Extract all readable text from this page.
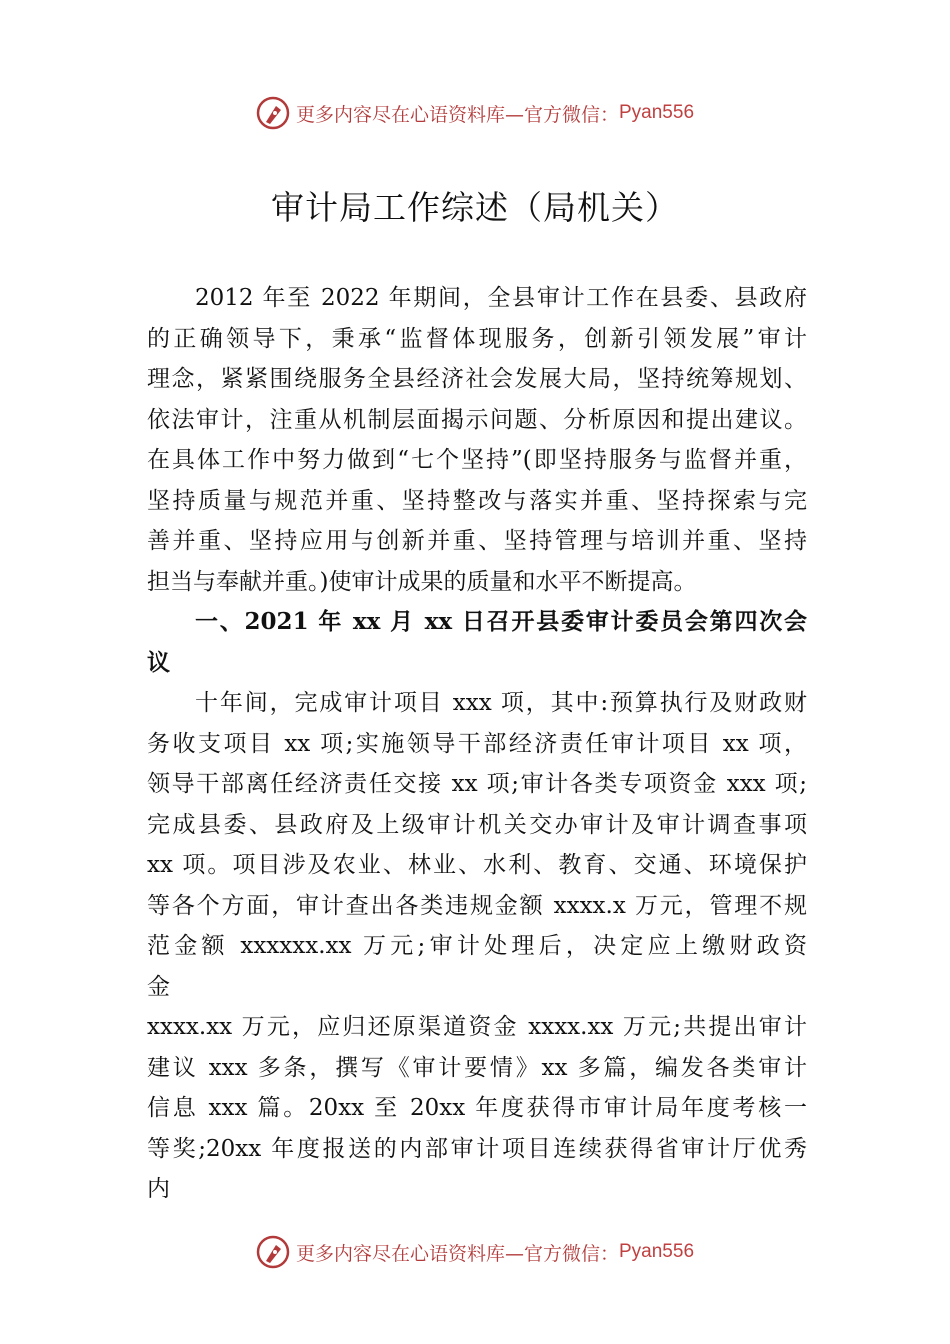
更多内容尽在心语资料库—官方微信： Pyan556
审计局工作综述（局机关）
2012 年至 2022 年期间，全县审计工作在县委、县政府
的正确领导下，秉承“监督体现服务，创新引领发展”审计
理念，紧紧围绕服务全县经济社会发展大局，坚持统筹规划、
依法审计，注重从机制层面揭示问题、分析原因和提出建议。
在具体工作中努力做到“七个坚持”(即坚持服务与监督并重，
坚持质量与规范并重、坚持整改与落实并重、坚持探索与完
善并重、坚持应用与创新并重、坚持管理与培训并重、坚持
担当与奉献并重。)使审计成果的质量和水平不断提高。
一、2021 年 xx 月 xx 日召开县委审计委员会第四次会
议
十年间，完成审计项目 xxx 项，其中:预算执行及财政财
务收支项目 xx 项;实施领导干部经济责任审计项目 xx 项，
领导干部离任经济责任交接 xx 项;审计各类专项资金 xxx 项;
完成县委、县政府及上级审计机关交办审计及审计调查事项
xx 项。项目涉及农业、林业、水利、教育、交通、环境保护
等各个方面，审计查出各类违规金额 xxxx.x 万元，管理不规
范金额 xxxxxx.xx 万元;审计处理后，决定应上缴财政资
金
xxxx.xx 万元，应归还原渠道资金 xxxx.xx 万元;共提出审计
建议 xxx 多条，撰写《审计要情》xx 多篇，编发各类审计
信息 xxx 篇。20xx 至 20xx 年度获得市审计局年度考核一
等奖;20xx 年度报送的内部审计项目连续获得省审计厅优秀
内
更多内容尽在心语资料库—官方微信： Pyan556
